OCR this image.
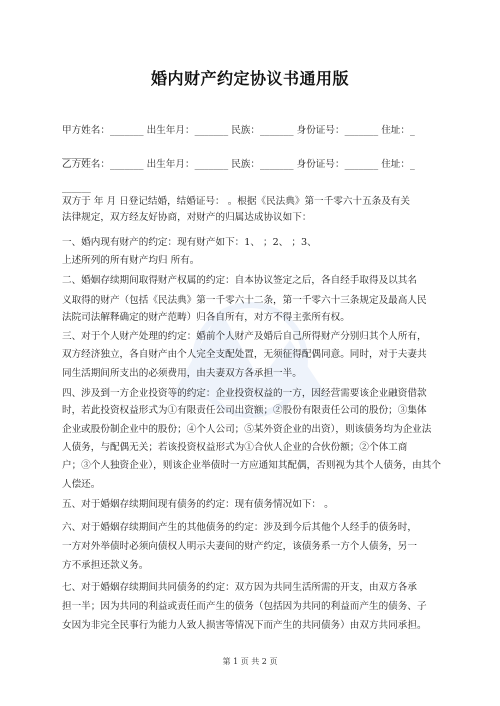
婚内财产约定协议书通用版
甲方姓名：_______ 出生年月：_______ 民族：_______ 身份证号：_______ 住址：_
______
乙方姓名：_______ 出生年月：_______ 民族：_______ 身份证号：_______ 住址：_
______
双方于 年 月 日登记结婚，结婚证号： 。根据《民法典》第一千零六十五条及有关
法律规定，双方经友好协商，对财产的归属达成协议如下：
一、婚内现有财产的约定：现有财产如下：1、 ；2、 ；3、
上述所列的所有财产均归 所有。
二、婚姻存续期间取得财产权属的约定：自本协议签定之后，各自经手取得及以其名
义取得的财产（包括《民法典》第一千零六十二条，第一千零六十三条规定及最高人民
法院司法解释确定的财产范畴）归各自所有，对方不得主张所有权。
三、对于个人财产处理的约定：婚前个人财产及婚后自己所得财产分别归其个人所有，
双方经济独立，各自财产由个人完全支配处置，无须征得配偶同意。同时，对于夫妻共
同生活期间所支出的必须费用，由夫妻双方各承担一半。
四、涉及到一方企业投资等的约定：企业投资权益的一方，因经营需要该企业融资借款
时，若此投资权益形式为①有限责任公司出资额；②股份有限责任公司的股份；③集体
企业或股份制企业中的股份；④个人公司；⑤某外资企业的出资），则该债务均为企业法
人债务，与配偶无关；若该投资权益形式为①合伙人企业的合伙份额；②个体工商
户；③个人独资企业），则该企业举债时一方应通知其配偶，否则视为其个人债务，由其个
人偿还。
五、对于婚姻存续期间现有债务的约定：现有债务情况如下： 。
六、对于婚姻存续期间产生的其他债务的约定：涉及到今后其他个人经手的债务时，
一方对外举债时必须向债权人明示夫妻间的财产约定，该债务系一方个人债务，另一
方不承担还款义务。
七、对于婚姻存续期间共同债务的约定：双方因为共同生活所需的开支，由双方各承
担一半；因为共同的利益或责任而产生的债务（包括因为共同的利益而产生的债务、子
女因为非完全民事行为能力人致人损害等情况下而产生的共同债务）由双方共同承担。
第 1 页 共 2 页
